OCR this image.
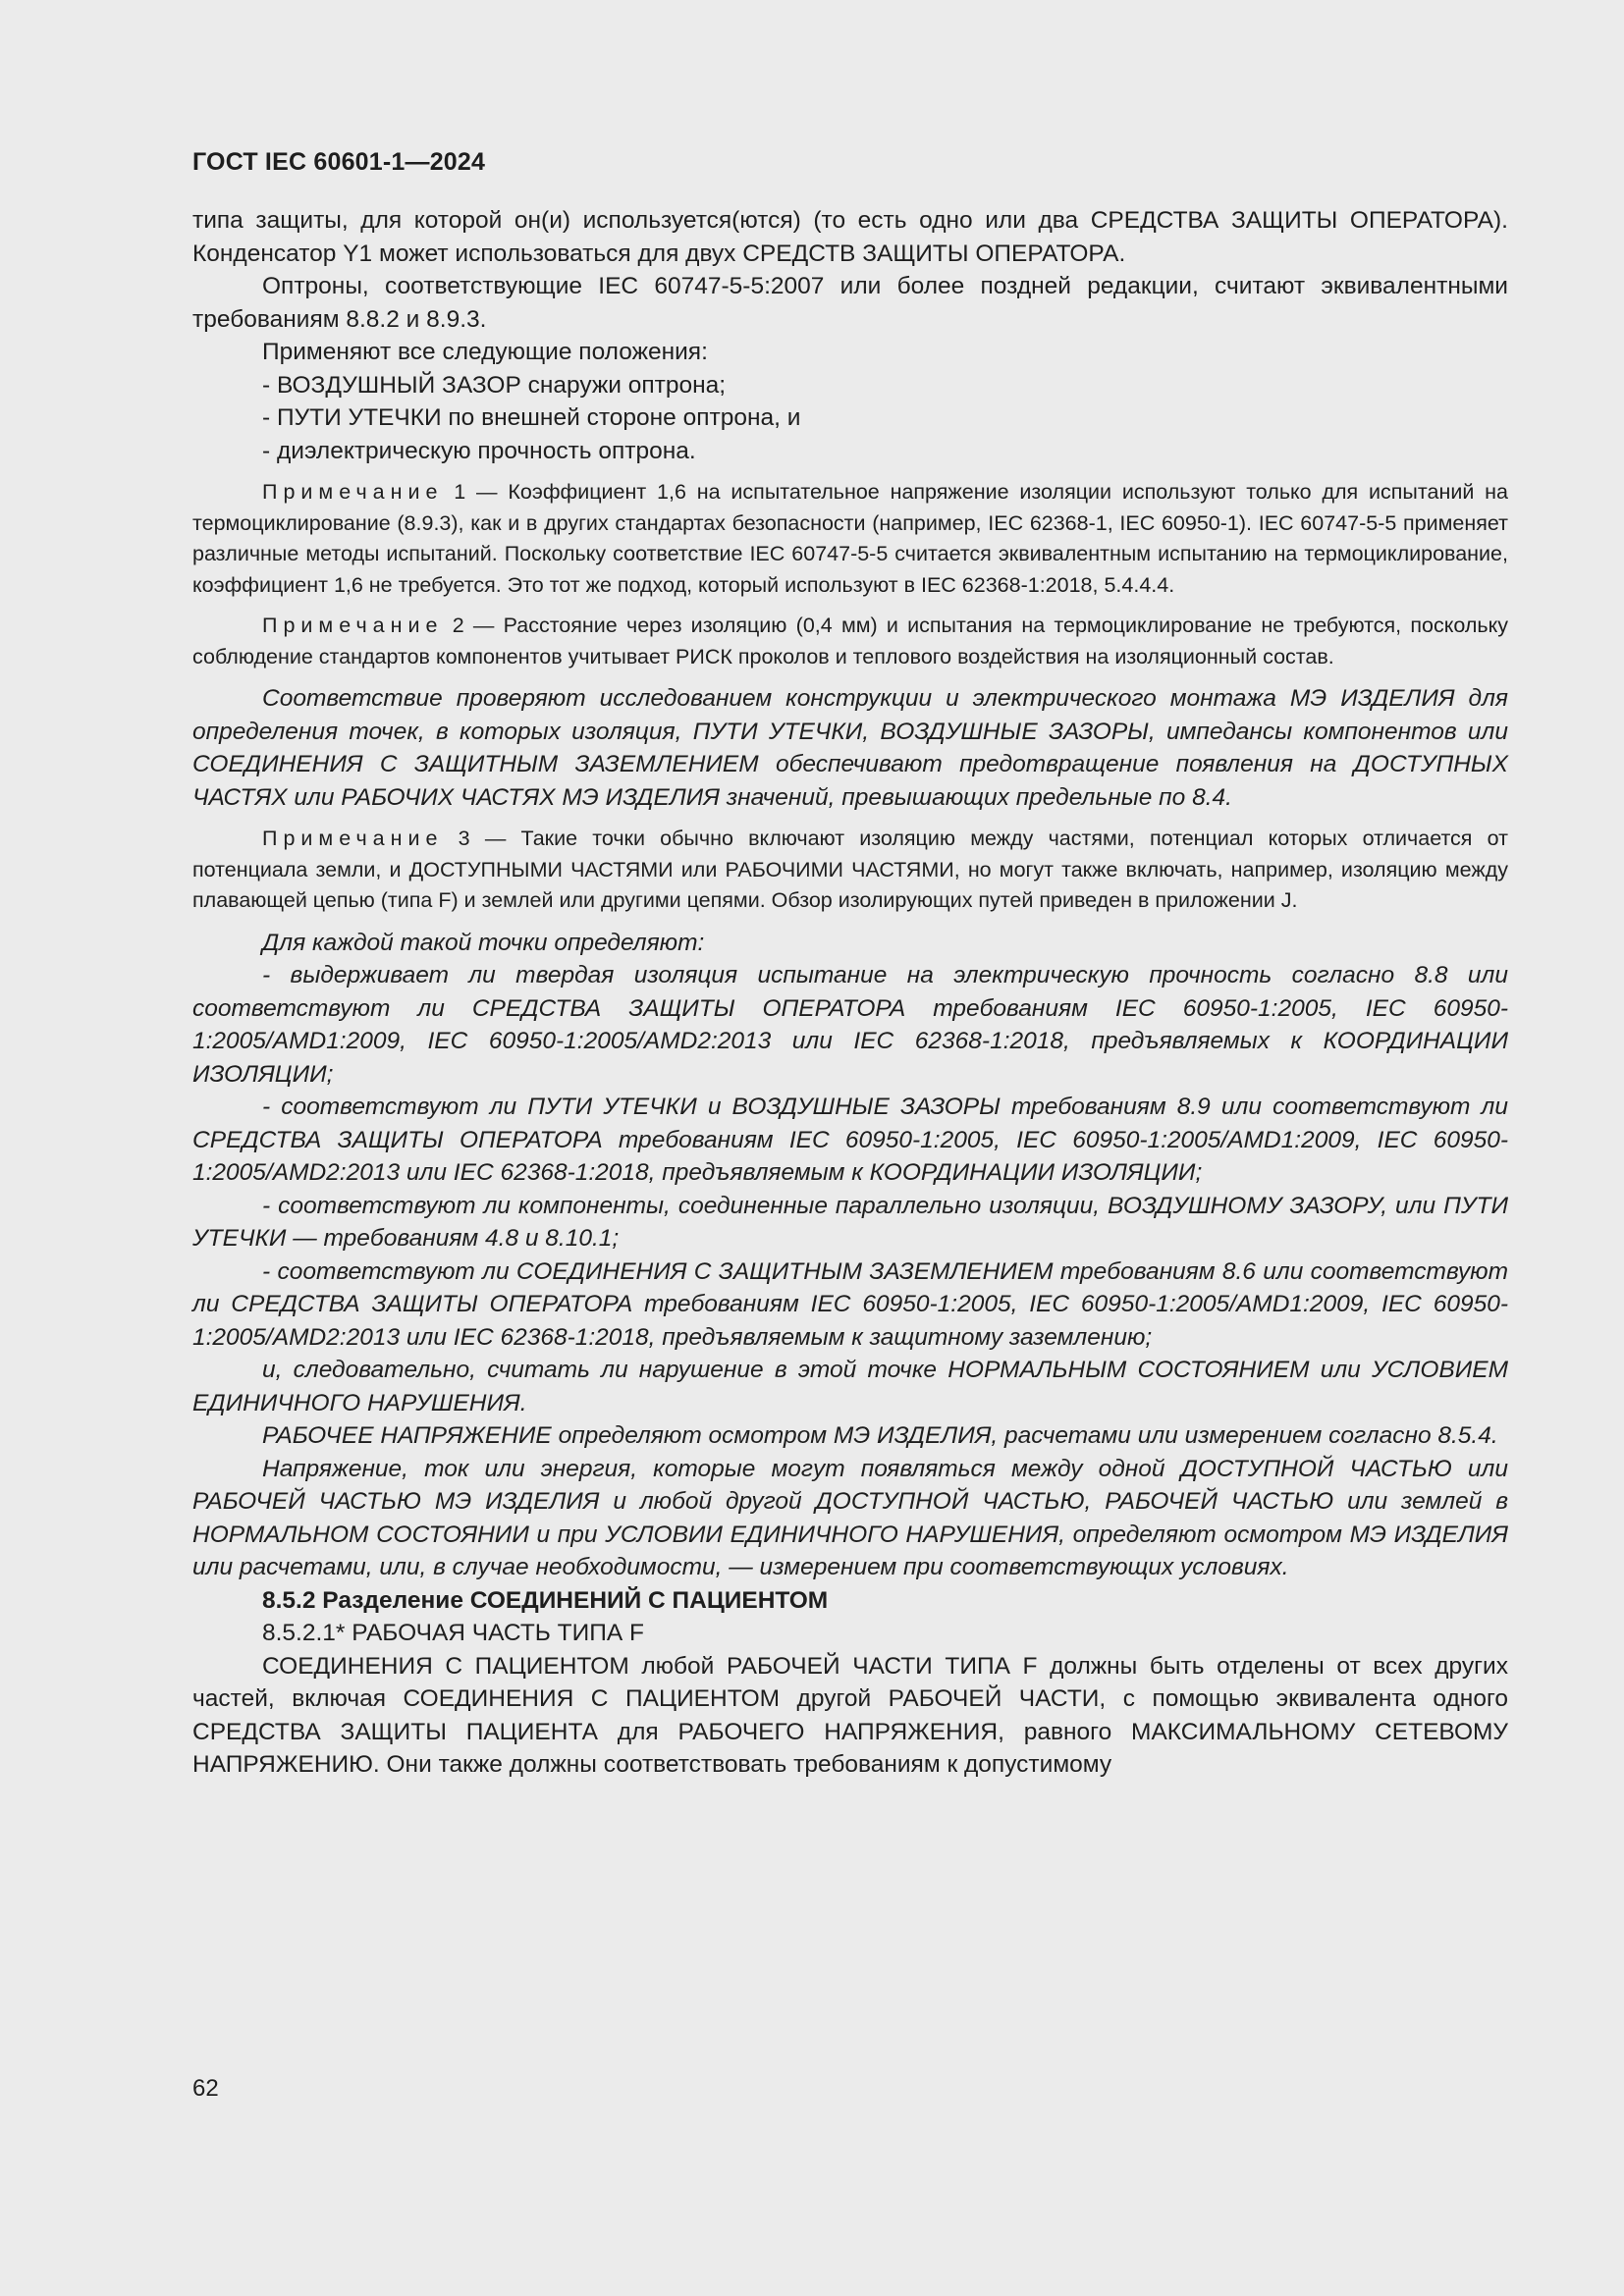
ГОСТ IEC 60601-1—2024

типа защиты, для которой он(и) используется(ются) (то есть одно или два СРЕДСТВА ЗАЩИТЫ ОПЕРАТОРА). Конденсатор Y1 может использоваться для двух СРЕДСТВ ЗАЩИТЫ ОПЕРАТОРА.

Оптроны, соответствующие IEC 60747-5-5:2007 или более поздней редакции, считают эквивалентными требованиям 8.8.2 и 8.9.3.

Применяют все следующие положения:

- ВОЗДУШНЫЙ ЗАЗОР снаружи оптрона;

- ПУТИ УТЕЧКИ по внешней стороне оптрона, и

- диэлектрическую прочность оптрона.

Примечание 1 — Коэффициент 1,6 на испытательное напряжение изоляции используют только для испытаний на термоциклирование (8.9.3), как и в других стандартах безопасности (например, IEC 62368-1, IEC 60950-1). IEC 60747-5-5 применяет различные методы испытаний. Поскольку соответствие IEC 60747-5-5 считается эквивалентным испытанию на термоциклирование, коэффициент 1,6 не требуется. Это тот же подход, который используют в IEC 62368-1:2018, 5.4.4.4.

Примечание 2 — Расстояние через изоляцию (0,4 мм) и испытания на термоциклирование не требуются, поскольку соблюдение стандартов компонентов учитывает РИСК проколов и теплового воздействия на изоляционный состав.

Соответствие проверяют исследованием конструкции и электрического монтажа МЭ ИЗДЕЛИЯ для определения точек, в которых изоляция, ПУТИ УТЕЧКИ, ВОЗДУШНЫЕ ЗАЗОРЫ, импедансы компонентов или СОЕДИНЕНИЯ С ЗАЩИТНЫМ ЗАЗЕМЛЕНИЕМ обеспечивают предотвращение появления на ДОСТУПНЫХ ЧАСТЯХ или РАБОЧИХ ЧАСТЯХ МЭ ИЗДЕЛИЯ значений, превышающих предельные по 8.4.

Примечание 3 — Такие точки обычно включают изоляцию между частями, потенциал которых отличается от потенциала земли, и ДОСТУПНЫМИ ЧАСТЯМИ или РАБОЧИМИ ЧАСТЯМИ, но могут также включать, например, изоляцию между плавающей цепью (типа F) и землей или другими цепями. Обзор изолирующих путей приведен в приложении J.

Для каждой такой точки определяют:

- выдерживает ли твердая изоляция испытание на электрическую прочность согласно 8.8 или соответствуют ли СРЕДСТВА ЗАЩИТЫ ОПЕРАТОРА требованиям IEC 60950-1:2005, IEC 60950-1:2005/AMD1:2009, IEC 60950-1:2005/AMD2:2013 или IEC 62368-1:2018, предъявляемых к КООРДИНАЦИИ ИЗОЛЯЦИИ;

- соответствуют ли ПУТИ УТЕЧКИ и ВОЗДУШНЫЕ ЗАЗОРЫ требованиям 8.9 или соответствуют ли СРЕДСТВА ЗАЩИТЫ ОПЕРАТОРА требованиям IEC 60950-1:2005, IEC 60950-1:2005/AMD1:2009, IEC 60950-1:2005/AMD2:2013 или IEC 62368-1:2018, предъявляемым к КООРДИНАЦИИ ИЗОЛЯЦИИ;

- соответствуют ли компоненты, соединенные параллельно изоляции, ВОЗДУШНОМУ ЗАЗОРУ, или ПУТИ УТЕЧКИ — требованиям 4.8 и 8.10.1;

- соответствуют ли СОЕДИНЕНИЯ С ЗАЩИТНЫМ ЗАЗЕМЛЕНИЕМ требованиям 8.6 или соответствуют ли СРЕДСТВА ЗАЩИТЫ ОПЕРАТОРА требованиям IEC 60950-1:2005, IEC 60950-1:2005/AMD1:2009, IEC 60950-1:2005/AMD2:2013 или IEC 62368-1:2018, предъявляемым к защитному заземлению;

и, следовательно, считать ли нарушение в этой точке НОРМАЛЬНЫМ СОСТОЯНИЕМ или УСЛОВИЕМ ЕДИНИЧНОГО НАРУШЕНИЯ.

РАБОЧЕЕ НАПРЯЖЕНИЕ определяют осмотром МЭ ИЗДЕЛИЯ, расчетами или измерением согласно 8.5.4.

Напряжение, ток или энергия, которые могут появляться между одной ДОСТУПНОЙ ЧАСТЬЮ или РАБОЧЕЙ ЧАСТЬЮ МЭ ИЗДЕЛИЯ и любой другой ДОСТУПНОЙ ЧАСТЬЮ, РАБОЧЕЙ ЧАСТЬЮ или землей в НОРМАЛЬНОМ СОСТОЯНИИ и при УСЛОВИИ ЕДИНИЧНОГО НАРУШЕНИЯ, определяют осмотром МЭ ИЗДЕЛИЯ или расчетами, или, в случае необходимости, — измерением при соответствующих условиях.

8.5.2 Разделение СОЕДИНЕНИЙ С ПАЦИЕНТОМ

8.5.2.1* РАБОЧАЯ ЧАСТЬ ТИПА F

СОЕДИНЕНИЯ С ПАЦИЕНТОМ любой РАБОЧЕЙ ЧАСТИ ТИПА F должны быть отделены от всех других частей, включая СОЕДИНЕНИЯ С ПАЦИЕНТОМ другой РАБОЧЕЙ ЧАСТИ, с помощью эквивалента одного СРЕДСТВА ЗАЩИТЫ ПАЦИЕНТА для РАБОЧЕГО НАПРЯЖЕНИЯ, равного МАКСИМАЛЬНОМУ СЕТЕВОМУ НАПРЯЖЕНИЮ. Они также должны соответствовать требованиям к допустимому

62
